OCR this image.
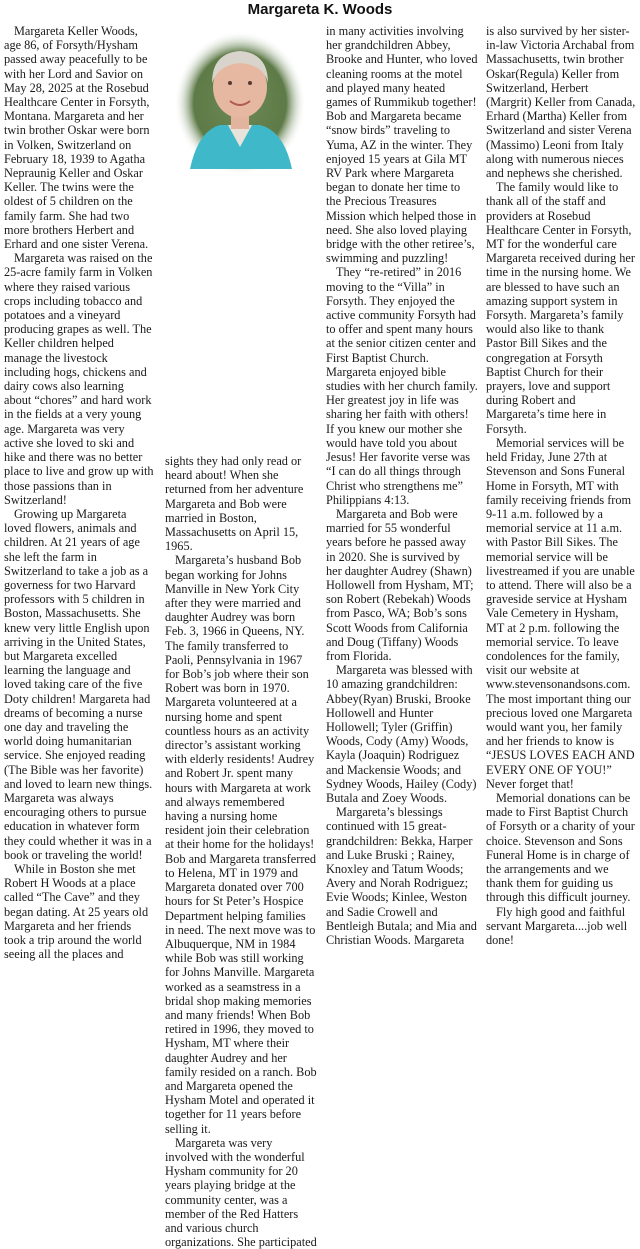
Margareta K. Woods

Margareta Keller Woods, age 86, of Forsyth/Hysham passed away peacefully to be with her Lord and Savior on May 28, 2025 at the Rosebud Healthcare Center in Forsyth, Montana. Margareta and her twin brother Oskar were born in Volken, Switzerland on February 18, 1939 to Agatha Nepraunig Keller and Oskar Keller. The twins were the oldest of 5 children on the family farm. She had two more brothers Herbert and Erhard and one sister Verena.

Margareta was raised on the 25-acre family farm in Volken where they raised various crops including tobacco and potatoes and a vineyard producing grapes as well. The Keller children helped manage the livestock including hogs, chickens and dairy cows also learning about “chores” and hard work in the fields at a very young age. Margareta was very active she loved to ski and hike and there was no better place to live and grow up with those passions than in Switzerland!

Growing up Margareta loved flowers, animals and children. At 21 years of age she left the farm in Switzerland to take a job as a governess for two Harvard professors with 5 children in Boston, Massachusetts. She knew very little English upon arriving in the United States, but Margareta excelled learning the language and loved taking care of the five Doty children! Margareta had dreams of becoming a nurse one day and traveling the world doing humanitarian service. She enjoyed reading (The Bible was her favorite) and loved to learn new things. Margareta was always encouraging others to pursue education in whatever form they could whether it was in a book or traveling the world!

While in Boston she met Robert H Woods at a place called “The Cave” and they began dating. At 25 years old Margareta and her friends took a trip around the world seeing all the places and

sights they had only read or heard about! When she returned from her adventure Margareta and Bob were married in Boston, Massachusetts on April 15, 1965.

Margareta’s husband Bob began working for Johns Manville in New York City after they were married and daughter Audrey was born Feb. 3, 1966 in Queens, NY. The family transferred to Paoli, Pennsylvania in 1967 for Bob’s job where their son Robert was born in 1970. Margareta volunteered at a nursing home and spent countless hours as an activity director’s assistant working with elderly residents! Audrey and Robert Jr. spent many hours with Margareta at work and always remembered having a nursing home resident join their celebration at their home for the holidays! Bob and Margareta transferred to Helena, MT in 1979 and Margareta donated over 700 hours for St Peter’s Hospice Department helping families in need. The next move was to Albuquerque, NM in 1984 while Bob was still working for Johns Manville. Margareta worked as a seamstress in a bridal shop making memories and many friends! When Bob retired in 1996, they moved to Hysham, MT where their daughter Audrey and her family resided on a ranch. Bob and Margareta opened the Hysham Motel and operated it together for 11 years before selling it.

Margareta was very involved with the wonderful Hysham community for 20 years playing bridge at the community center, was a member of the Red Hatters and various church organizations. She participated

in many activities involving her grandchildren Abbey, Brooke and Hunter, who loved cleaning rooms at the motel and played many heated games of Rummikub together! Bob and Margareta became “snow birds” traveling to Yuma, AZ in the winter. They enjoyed 15 years at Gila MT RV Park where Margareta began to donate her time to the Precious Treasures Mission which helped those in need. She also loved playing bridge with the other retiree’s, swimming and puzzling!

They “re-retired” in 2016 moving to the “Villa” in Forsyth. They enjoyed the active community Forsyth had to offer and spent many hours at the senior citizen center and First Baptist Church. Margareta enjoyed bible studies with her church family. Her greatest joy in life was sharing her faith with others! If you knew our mother she would have told you about Jesus! Her favorite verse was “I can do all things through Christ who strengthens me” Philippians 4:13.

Margareta and Bob were married for 55 wonderful years before he passed away in 2020. She is survived by her daughter Audrey (Shawn) Hollowell from Hysham, MT; son Robert (Rebekah) Woods from Pasco, WA; Bob’s sons Scott Woods from California and Doug (Tiffany) Woods from Florida.

Margareta was blessed with 10 amazing grandchildren: Abbey(Ryan) Bruski, Brooke Hollowell and Hunter Hollowell; Tyler (Griffin) Woods, Cody (Amy) Woods, Kayla (Joaquin) Rodriguez and Mackensie Woods; and Sydney Woods, Hailey (Cody) Butala and Zoey Woods.

Margareta’s blessings continued with 15 great-grandchildren: Bekka, Harper and Luke Bruski ; Rainey, Knoxley and Tatum Woods; Avery and Norah Rodriguez; Evie Woods; Kinlee, Weston and Sadie Crowell and Bentleigh Butala; and Mia and Christian Woods. Margareta

is also survived by her sister-in-law Victoria Archabal from Massachusetts, twin brother Oskar(Regula) Keller from Switzerland, Herbert (Margrit) Keller from Canada, Erhard (Martha) Keller from Switzerland and sister Verena (Massimo) Leoni from Italy along with numerous nieces and nephews she cherished.

The family would like to thank all of the staff and providers at Rosebud Healthcare Center in Forsyth, MT for the wonderful care Margareta received during her time in the nursing home. We are blessed to have such an amazing support system in Forsyth. Margareta’s family would also like to thank Pastor Bill Sikes and the congregation at Forsyth Baptist Church for their prayers, love and support during Robert and Margareta’s time here in Forsyth.

Memorial services will be held Friday, June 27th at Stevenson and Sons Funeral Home in Forsyth, MT with family receiving friends from 9-11 a.m. followed by a memorial service at 11 a.m. with Pastor Bill Sikes. The memorial service will be livestreamed if you are unable to attend. There will also be a graveside service at Hysham Vale Cemetery in Hysham, MT at 2 p.m. following the memorial service. To leave condolences for the family, visit our website at www.stevensonandsons.com. The most important thing our precious loved one Margareta would want you, her family and her friends to know is “JESUS LOVES EACH AND EVERY ONE OF YOU!” Never forget that!

Memorial donations can be made to First Baptist Church of Forsyth or a charity of your choice. Stevenson and Sons Funeral Home is in charge of the arrangements and we thank them for guiding us through this difficult journey.

Fly high good and faithful servant Margareta....job well done!
